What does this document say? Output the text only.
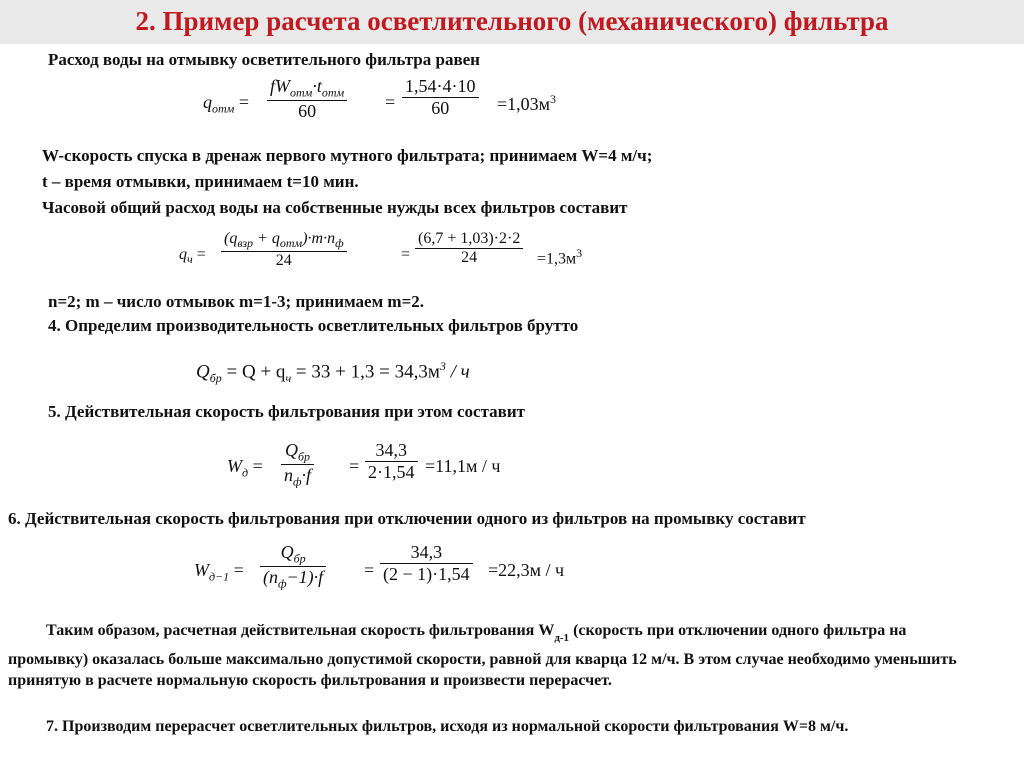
2. Пример расчета осветлительного (механического) фильтра
Расход воды на отмывку осветительного фильтра равен
$q_{отм}$ =
$fW_{отм}\cdot t_{отм}$
60	= $\frac{1,54\cdot 4\cdot 10}{60} =1,03м^3$
W-скорость спуска в дренаж первого мутного фильтрата; принимаем W=4 м/ч;
t – время отмывки, принимаем t=10 мин.
Часовой общий расход воды на собственные нужды всех фильтров составит
$q_ч$ =
$(q_{взр} + q_{отм})\cdot m\cdot n_ф$
24	= $\frac{(6,7 + 1,03)\cdot 2\cdot 2}{24} =1,3м^3$
n=2; m – число отмывок m=1-3; принимаем m=2.
4. Определим производительность осветлительных фильтров брутто
$Q_{бр} = Q + q_ч = 33 + 1,3 = 34,3м^3 / ч$
5. Действительная скорость фильтрования при этом составит
$W_д$ =
$Q_{бр}$
$n_ф\cdot f = \frac{34,3}{2\cdot 1,54} =11,1м / ч$
6. Действительная скорость фильтрования при отключении одного из фильтров на промывку составит
$W_{д-1}$ =
$Q_{бр}$
$(n_ф-1)\cdot f = \frac{34,3}{(2 - 1)\cdot 1,54} =22,3м / ч$
Таким образом, расчетная действительная скорость фильтрования $W_{д-1}$ (скорость при отключении одного фильтра на промывку) оказалась больше максимально допустимой скорости, равной для кварца 12 м/ч. В этом случае необходимо уменьшить принятую в расчете нормальную скорость фильтрования и произвести перерасчет.
7. Производим перерасчет осветлительных фильтров, исходя из нормальной скорости фильтрования W=8 м/ч.
